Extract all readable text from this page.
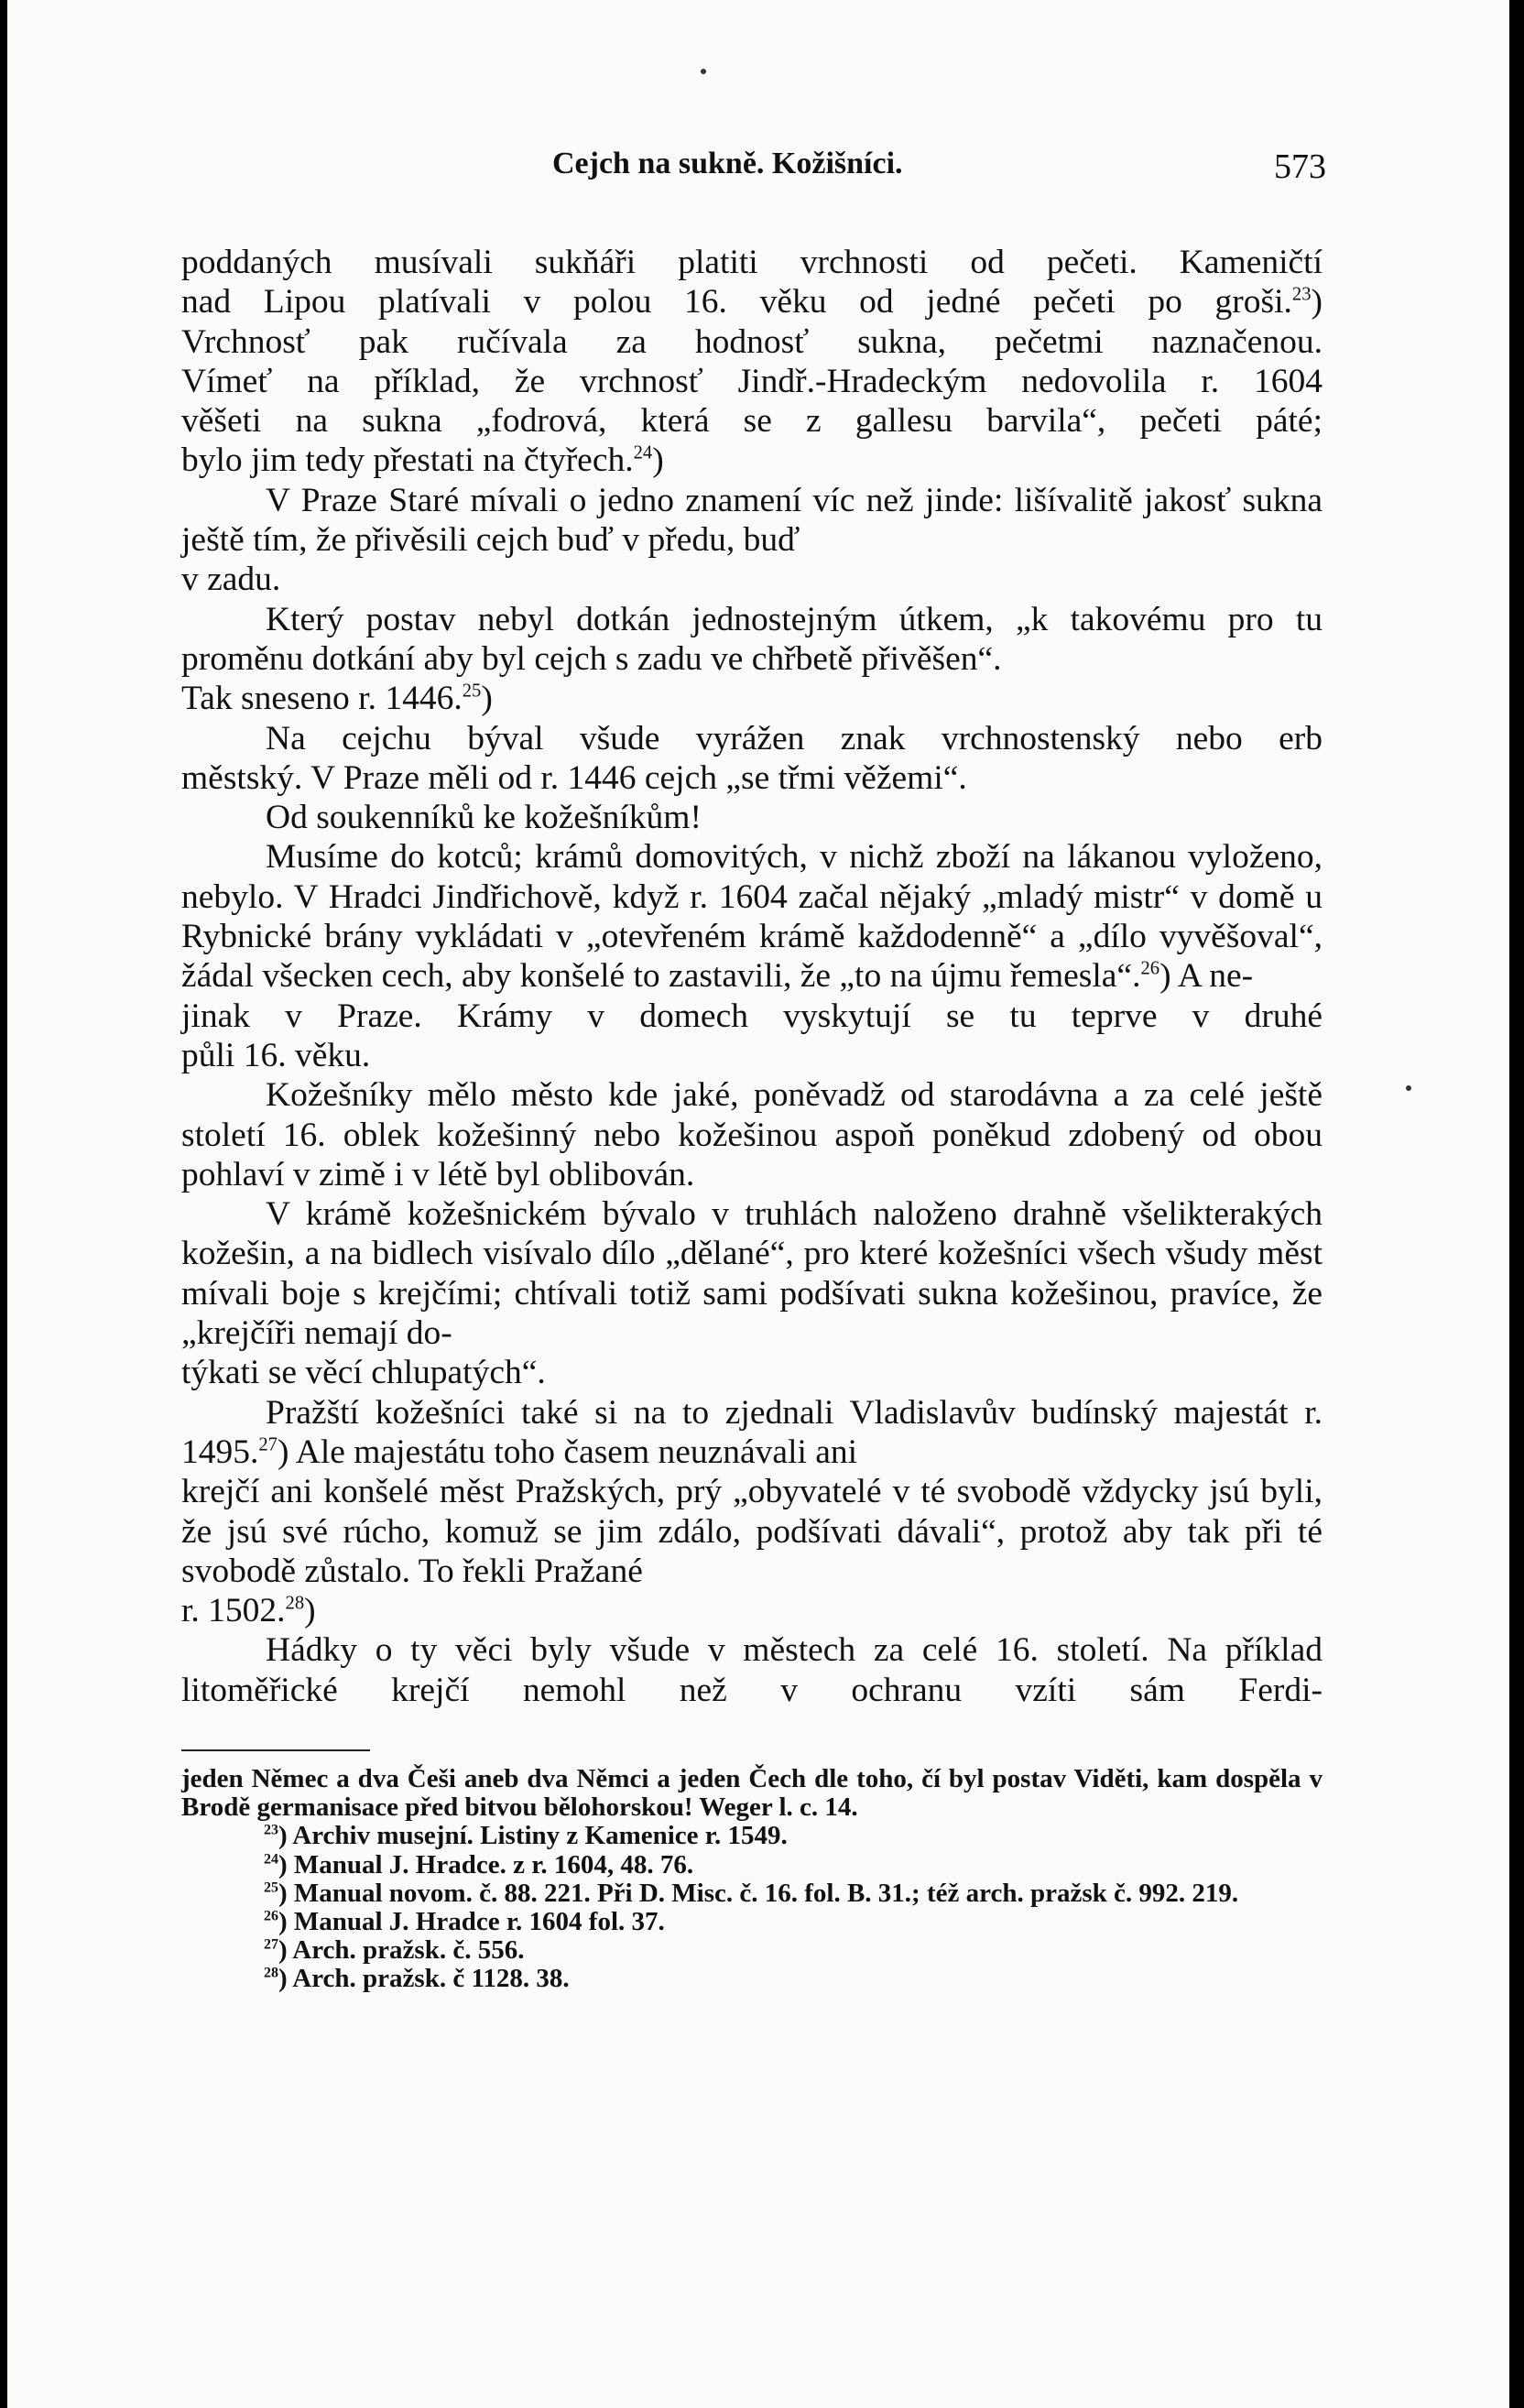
Cejch na sukně. Kožišníci.	573

poddaných musívali sukňáři platiti vrchnosti od pečeti. Kameničtí

nad Lipou platívali v polou 16. věku od jedné pečeti po groši.$^{23}$)

Vrchnosť pak ručívala za hodnosť sukna, pečetmi naznačenou.

Vímeť na příklad, že vrchnosť Jindř.-Hradeckým nedovolila r. 1604

věšeti na sukna „fodrová, která se z gallesu barvila“, pečeti páté;

bylo jim tedy přestati na čtyřech.$^{24}$)

V Praze Staré mívali o jedno znamení víc než jinde: lišívalitě jakosť sukna ještě tím, že přivěsili cejch buď v předu, buď

v zadu.

Který postav nebyl dotkán jednostejným útkem, „k takovému pro tu proměnu dotkání aby byl cejch s zadu ve chřbetě přivěšen“.

Tak sneseno r. 1446.25)

Na cejchu býval všude vyrážen znak vrchnostenský nebo erb

městský. V Praze měli od r. 1446 cejch „se třmi věžemi“.

Od soukenníků ke kožešníkům!

Musíme do kotců; krámů domovitých, v nichž zboží na lákanou vyloženo, nebylo. V Hradci Jindřichově, když r. 1604 začal nějaký „mladý mistr“ v domě u Rybnické brány vykládati v „otevřeném krámě každodenně“ a „dílo vyvěšoval“, žádal všecken cech, aby konšelé to zastavili, že „to na újmu řemesla“.$^{26}$) A ne-

jinak v Praze. Krámy v domech vyskytují se tu teprve v druhé

půli 16. věku.

Kožešníky mělo město kde jaké, poněvadž od starodávna a za celé ještě století 16. oblek kožešinný nebo kožešinou aspoň poněkud zdobený od obou pohlaví v zimě i v létě byl oblibován.

V krámě kožešnickém bývalo v truhlách naloženo drahně všelikterakých kožešin, a na bidlech visívalo dílo „dělané“, pro které kožešníci všech všudy měst mívali boje s krejčími; chtívali totiž sami podšívati sukna kožešinou, pravíce, že „krejčíři nemají do-

týkati se věcí chlupatých“.

Pražští kožešníci také si na to zjednali Vladislavův budínský majestát r. 1495.27) Ale majestátu toho časem neuznávali ani

krejčí ani konšelé měst Pražských, prý „obyvatelé v té svobodě vždycky jsú byli, že jsú své rúcho, komuž se jim zdálo, podšívati dávali“, protož aby tak při té svobodě zůstalo. To řekli Pražané

r. 1502.28)

Hádky o ty věci byly všude v městech za celé 16. století. Na příklad litoměřické krejčí nemohl než v ochranu vzíti sám Ferdi-

jeden Němec a dva Češi aneb dva Němci a jeden Čech dle toho, čí byl postav Viděti, kam dospěla v Brodě germanisace před bitvou bělohorskou! Weger l. c. 14.

$^{23}$) Archiv musejní. Listiny z Kamenice r. 1549.

$^{24}$) Manual J. Hradce. z r. 1604, 48. 76.

$^{25}$) Manual novom. č. 88. 221. Při D. Misc. č. 16. fol. B. 31.; též arch. pražsk č. 992. 219.

$^{26}$) Manual J. Hradce r. 1604 fol. 37.

$^{27}$) Arch. pražsk. č. 556.

$^{28}$) Arch. pražsk. č 1128. 38.
